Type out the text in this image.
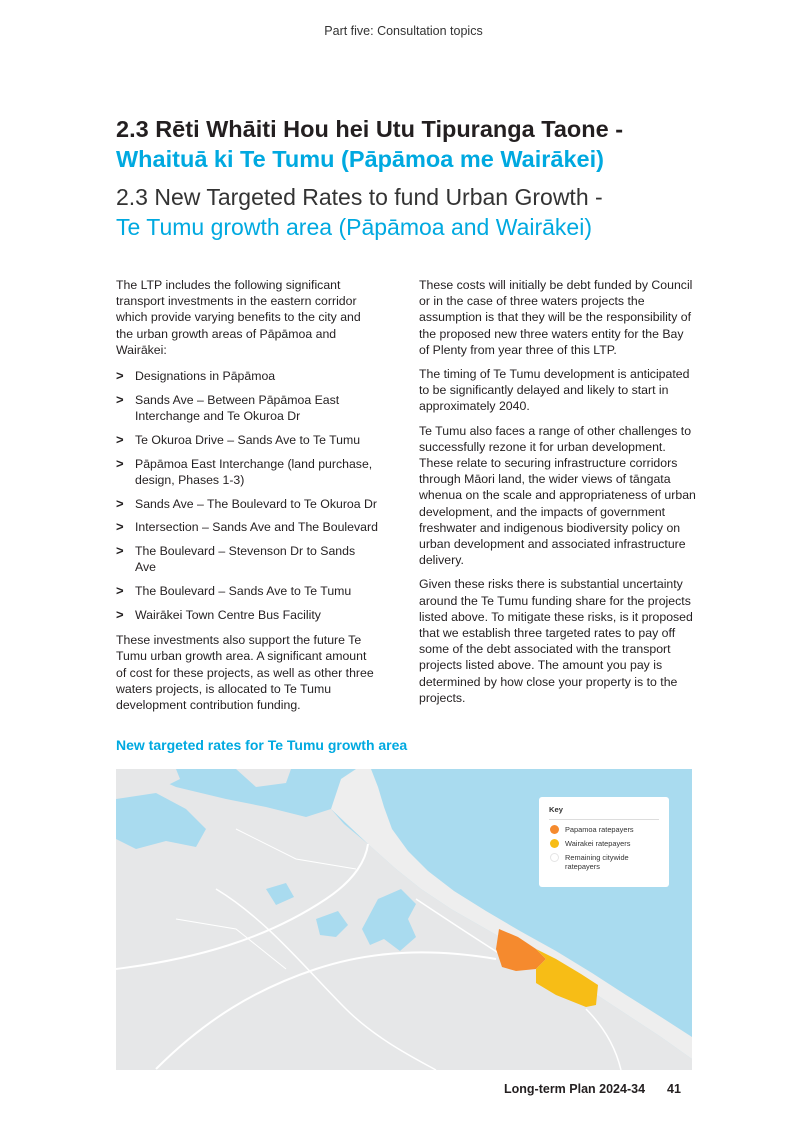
Part five: Consultation topics
2.3 Rēti Whāiti Hou hei Utu Tipuranga Taone -
Whaituā ki Te Tumu (Pāpāmoa me Wairākei)
2.3 New Targeted Rates to fund Urban Growth -
Te Tumu growth area (Pāpāmoa and Wairākei)

The LTP includes the following significant transport investments in the eastern corridor which provide varying benefits to the city and the urban growth areas of Pāpāmoa and Wairākei:

> Designations in Pāpāmoa
> Sands Ave – Between Pāpāmoa East Interchange and Te Okuroa Dr
> Te Okuroa Drive – Sands Ave to Te Tumu
> Pāpāmoa East Interchange (land purchase, design, Phases 1-3)
> Sands Ave – The Boulevard to Te Okuroa Dr
> Intersection – Sands Ave and The Boulevard
> The Boulevard – Stevenson Dr to Sands Ave
> The Boulevard – Sands Ave to Te Tumu
> Wairākei Town Centre Bus Facility

These investments also support the future Te Tumu urban growth area. A significant amount of cost for these projects, as well as other three waters projects, is allocated to Te Tumu development contribution funding.

These costs will initially be debt funded by Council or in the case of three waters projects the assumption is that they will be the responsibility of the proposed new three waters entity for the Bay of Plenty from year three of this LTP.

The timing of Te Tumu development is anticipated to be significantly delayed and likely to start in approximately 2040.

Te Tumu also faces a range of other challenges to successfully rezone it for urban development. These relate to securing infrastructure corridors through Māori land, the wider views of tāngata whenua on the scale and appropriateness of urban development, and the impacts of government freshwater and indigenous biodiversity policy on urban development and associated infrastructure delivery.

Given these risks there is substantial uncertainty around the Te Tumu funding share for the projects listed above. To mitigate these risks, is it proposed that we establish three targeted rates to pay off some of the debt associated with the transport projects listed above. The amount you pay is determined by how close your property is to the projects.

New targeted rates for Te Tumu growth area
Key
Papamoa ratepayers
Wairakei ratepayers
Remaining citywide ratepayers
Long-term Plan 2024-34 41
